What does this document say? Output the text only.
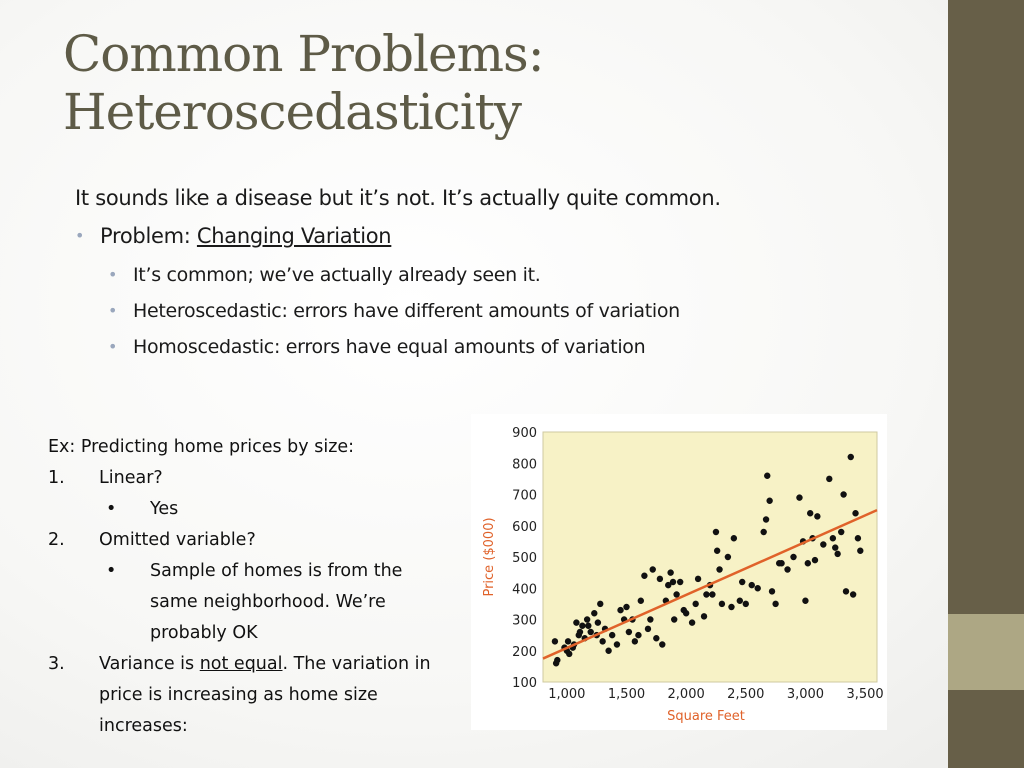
Common Problems:
Heteroscedasticity

It sounds like a disease but it’s not. It’s actually quite common.

• Problem: Changing Variation

• It’s common; we’ve actually already seen it.

• Heteroscedastic: errors have different amounts of variation

• Homoscedastic: errors have equal amounts of variation

Ex: Predicting home prices by size:
1. Linear?
• Yes
2. Omitted variable?
• Sample of homes is from the same neighborhood. We’re probably OK
3. Variance is not equal. The variation in price is increasing as home size increases:
100
200
300
400
500
600
700
800
900
1,000 1,500 2,000 2,500 3,000 3,500
Price ($000)
Square Feet
